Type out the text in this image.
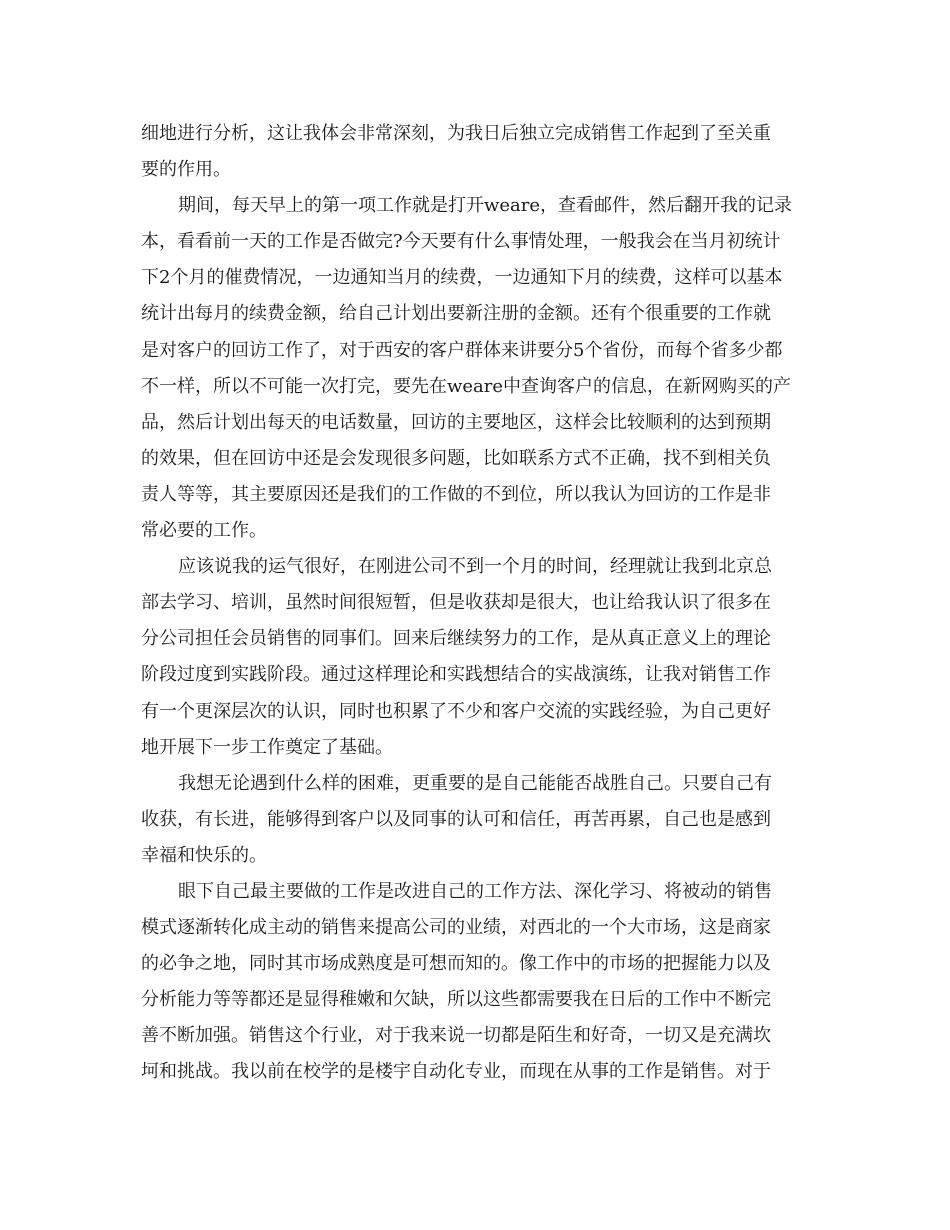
细地进行分析，这让我体会非常深刻，为我日后独立完成销售工作起到了至关重
要的作用。
期间，每天早上的第一项工作就是打开weare，查看邮件，然后翻开我的记录
本，看看前一天的工作是否做完?今天要有什么事情处理，一般我会在当月初统计
下2个月的催费情况，一边通知当月的续费，一边通知下月的续费，这样可以基本
统计出每月的续费金额，给自己计划出要新注册的金额。还有个很重要的工作就
是对客户的回访工作了，对于西安的客户群体来讲要分5个省份，而每个省多少都
不一样，所以不可能一次打完，要先在weare中查询客户的信息，在新网购买的产
品，然后计划出每天的电话数量，回访的主要地区，这样会比较顺利的达到预期
的效果，但在回访中还是会发现很多问题，比如联系方式不正确，找不到相关负
责人等等，其主要原因还是我们的工作做的不到位，所以我认为回访的工作是非
常必要的工作。
应该说我的运气很好，在刚进公司不到一个月的时间，经理就让我到北京总
部去学习、培训，虽然时间很短暂，但是收获却是很大，也让给我认识了很多在
分公司担任会员销售的同事们。回来后继续努力的工作，是从真正意义上的理论
阶段过度到实践阶段。通过这样理论和实践想结合的实战演练，让我对销售工作
有一个更深层次的认识，同时也积累了不少和客户交流的实践经验，为自己更好
地开展下一步工作奠定了基础。
我想无论遇到什么样的困难，更重要的是自己能能否战胜自己。只要自己有
收获，有长进，能够得到客户以及同事的认可和信任，再苦再累，自己也是感到
幸福和快乐的。
眼下自己最主要做的工作是改进自己的工作方法、深化学习、将被动的销售
模式逐渐转化成主动的销售来提高公司的业绩，对西北的一个大市场，这是商家
的必争之地，同时其市场成熟度是可想而知的。像工作中的市场的把握能力以及
分析能力等等都还是显得稚嫩和欠缺，所以这些都需要我在日后的工作中不断完
善不断加强。销售这个行业，对于我来说一切都是陌生和好奇，一切又是充满坎
坷和挑战。我以前在校学的是楼宇自动化专业，而现在从事的工作是销售。对于
